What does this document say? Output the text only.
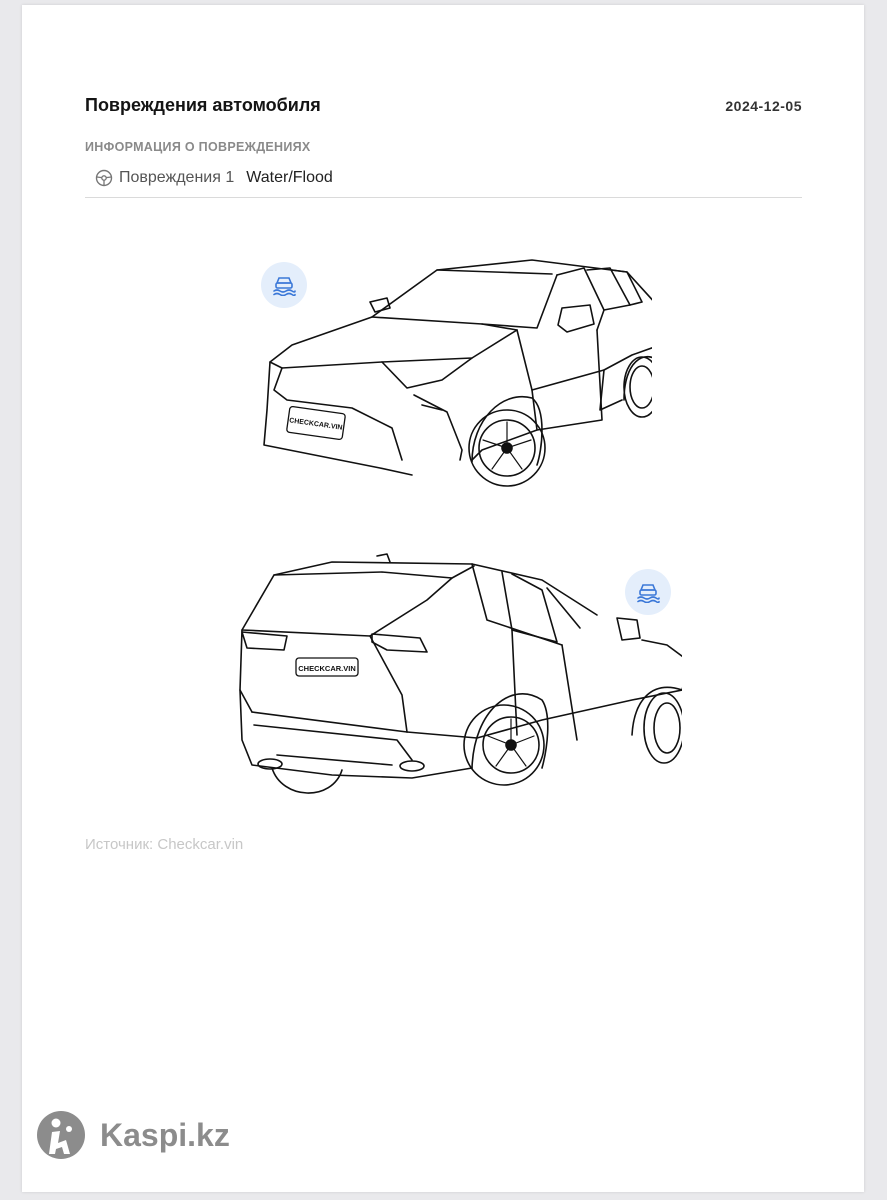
Повреждения автомобиля	2024-12-05
ИНФОРМАЦИЯ О ПОВРЕЖДЕНИЯХ
Повреждения 1 Water/Flood
CHECKCAR.VIN
CHECKCAR.VIN
Источник: Checkcar.vin
Kaspi.kz
